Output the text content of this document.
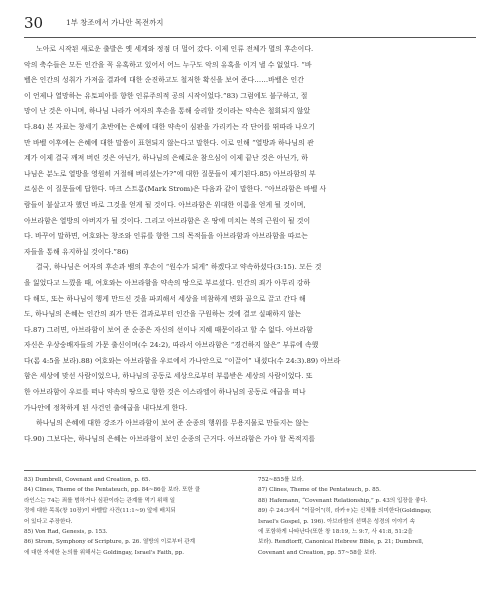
30	1부 창조에서 가나안 목전까지
노아로 시작된 새로운 출발은 옛 세계와 정점 더 멀어 갔다. 이제 인류 전체가 멸의 후손이다.
악의 축수들은 모든 인간을 꼭 유혹하고 있어서 어느 누구도 악의 유혹을 이겨 낼 수 없었다. “바
벨은 인간의 성취가 가져올 결과에 대한 순진하고도 철저한 확신을 보여 준다……바벨은 인간
이 언제나 열망하는 유토피아를 향한 인류주의적 공의 시작이었다.”83) 그럼에도 불구하고, 절
망이 난 것은 아니며, 하나님 나라가 여자의 후손을 통해 승리할 것이라는 약속은 철회되지 않았
다.84) 본 자료는 창세기 초반에는 은혜에 대한 약속이 심판을 가리키는 각 단어를 뛰따라 나오기
만 바벨 이후에는 은혜에 대한 말씀이 표현되지 않는다고 말한다. 이로 인해 “열방과 하나님의 관
계가 이제 결국 깨져 버린 것은 아닌가, 하나님의 은혜로운 참으심이 이제 끝난 것은 아닌가, 하
나님은 분노로 열방을 영원히 거절해 버리셨는가?”에 대한 질문들이 제기된다.85) 아브라함의 부
르심은 이 질문들에 답한다. 마크 스트롬(Mark Strom)은 다음과 같이 말한다. “아브라함은 바벨 사
람들이 불살고자 했던 바로 그것을 얻게 될 것이다. 아브라함은 위대한 이름을 얻게 될 것이며,
아브라함은 열방의 아버지가 될 것이다. 그리고 아브라함은 온 땅에 미치는 복의 근원이 될 것이
다. 바꾸어 말하면, 여호와는 창조와 인류를 향한 그의 목적들을 아브라함과 아브라함을 따르는
자들을 통해 유지하실 것이다.”86)
결국, 하나님은 여자의 후손과 뱀의 후손이 “원수가 되게” 하겠다고 약속하셨다(3:15). 모든 것
을 잃었다고 느꼈을 때, 여호와는 아브라함을 약속의 땅으로 부르셨다. 인간의 죄가 아무리 강하
다 해도, 또는 하나님이 행게 만드신 것을 파괴해서 세상을 비참하게 변화 골으로 끌고 간다 해
도, 하나님의 은혜는 인간의 죄가 만든 결과로부터 인간을 구원하는 것에 결코 실패하지 않는
다.87) 그러면, 아브라함이 보여 준 순종은 자신의 선이나 지혜 때문이라고 할 수 없다. 아브라함
자신은 우상숭배자들의 가문 출신이며(수 24:2), 따라서 아브라함은 “경건하지 않은” 부류에 속했
다(롬 4:5을 보라).88) 여호와는 아브라함을 우르에서 가나안으로 “이끌어” 내셨다(수 24:3).89) 아브라
함은 세상에 맞선 사람이었으나, 하나님의 공동로 세상으로부터 부름받은 세상의 사람이었다. 또
한 아브라함이 우르를 떠나 약속의 땅으로 향한 것은 이스라엘이 하나님의 공동로 애굽을 떠나
가나안에 정착하게 된 사건인 출애굽을 내다보게 한다.
하나님의 은혜에 대한 강조가 아브라함이 보여 준 순종의 행위를 무용지물로 만들지는 않는
다.90) 그보다는, 하나님의 은혜는 아브라함이 보인 순종의 근거다. 아브라함은 가야 할 목적지를
83) Dumbrell, Covenant and Creation, p. 65.
84) Clines, Theme of the Pentateuch, pp. 84~86을 보라. 또한 클
라인스는 74는 죄를 범하거나 심판이라는 관계를 먹기 위해 일
정에 대한 목록(창 10장)이 바벨탑 사건(11:1~9) 앞에 배치되
어 있다고 주장한다.
85) Von Rad, Genesis, p. 153.
86) Strom, Symphony of Scripture, p. 26. 열방의 이로부터 관계
에 대한 자세한 논의를 위해서는 Goldingay, Israel's Faith, pp.
752~855를 보라.
87) Clines, Theme of the Pentateuch, p. 85.
88) Hafemann, “Covenant Relationship,” p. 43의 입장을 좋다.
89) 수 24:3에서 “이끌어”(히, 라카ㅎ)는 신체를 의미한다(Goldingay,
Israel's Gospel, p. 196). 아브라함의 선택은 성경의 이야기 속
에 포함하게 나타난다(또한 창 18:19, 느 9:7, 사 41:8, 51:2을
보라). Rendtorff, Canonical Hebrew Bible, p. 21; Dumbrell,
Covenant and Creation, pp. 57~58을 보라.
